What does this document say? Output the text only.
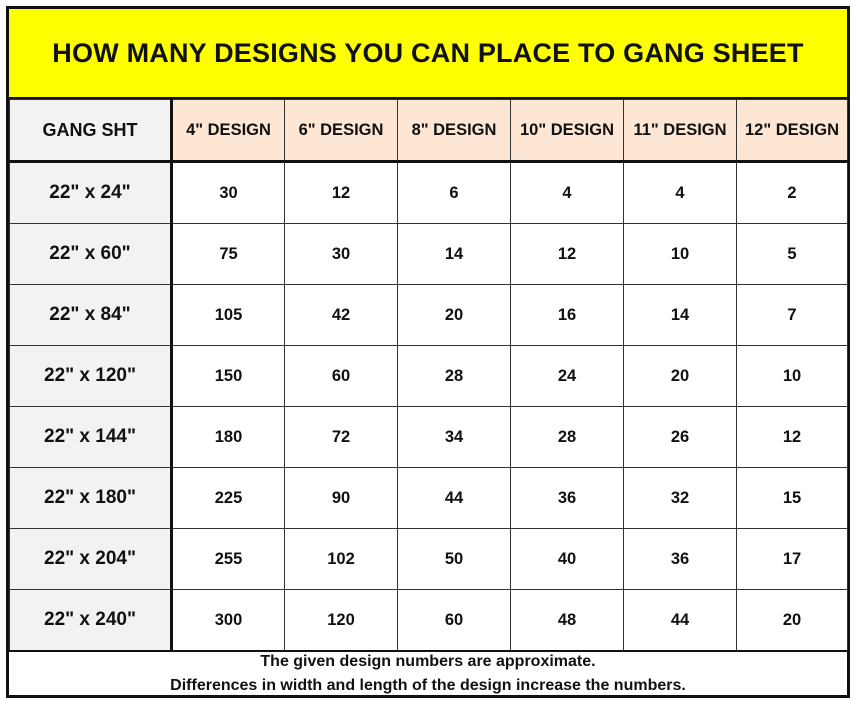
HOW MANY DESIGNS YOU CAN PLACE TO GANG SHEET
GANG SHT	4" DESIGN	6" DESIGN	8" DESIGN	10" DESIGN	11" DESIGN	12" DESIGN
22" x 24"	30	12	6	4	4	2
22" x 60"	75	30	14	12	10	5
22" x 84"	105	42	20	16	14	7
22" x 120"	150	60	28	24	20	10
22" x 144"	180	72	34	28	26	12
22" x 180"	225	90	44	36	32	15
22" x 204"	255	102	50	40	36	17
22" x 240"	300	120	60	48	44	20
The given design numbers are approximate.
Differences in width and length of the design increase the numbers.
